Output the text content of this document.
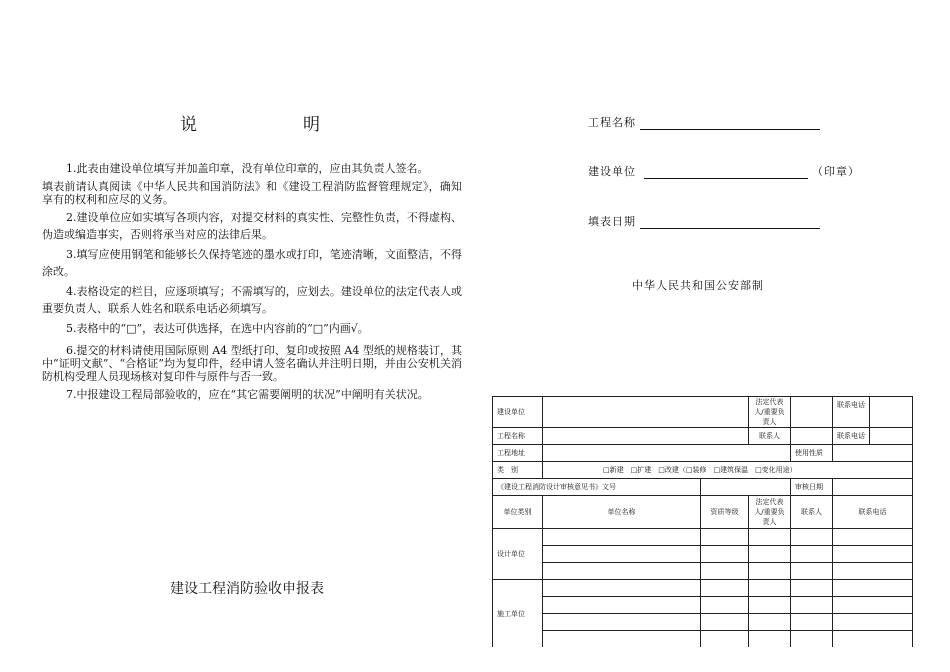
说	明

1.此表由建设单位填写并加盖印章，没有单位印章的，应由其负责人签名。

填表前请认真阅读《中华人民共和国消防法》和《建设工程消防监督管理规定》，确知享有的权利和应尽的义务。

2.建设单位应如实填写各项内容，对提交材料的真实性、完整性负责，不得虚构、伪造或编造事实，否则将承当对应的法律后果。

3.填写应使用钢笔和能够长久保持笔迹的墨水或打印，笔迹清晰，文面整洁，不得涂改。

4.表格设定的栏目，应逐项填写；不需填写的，应划去。建设单位的法定代表人或重要负责人、联系人姓名和联系电话必须填写。

5.表格中的“□”，表达可供选择，在选中内容前的“□”内画√。

6.提交的材料请使用国际原则 A4 型纸打印、复印或按照 A4 型纸的规格装订，其中“证明文献”、“合格证”均为复印件，经申请人签名确认并注明日期，并由公安机关消防机构受理人员现场核对复印件与原件与否一致。

7.中报建设工程局部验收的，应在“其它需要阐明的状况”中阐明有关状况。

建设工程消防验收申报表
工程名称
建设单位	（印章）
填表日期
中华人民共和国公安部制
建设单位			法定代表人/重要负责人		联系电话

工程名称			联系人		联系电话

工程地址				使用性质	
类　别	□新建　□扩建　□改建（□装修　□建筑保温　□变化用途）				
《建设工程消防设计审核意见书》文号				审核日期	
单位类别	单位名称	资质等级	法定代表人/重要负责人	联系人	联系电话
设计单位					

施工单位					
